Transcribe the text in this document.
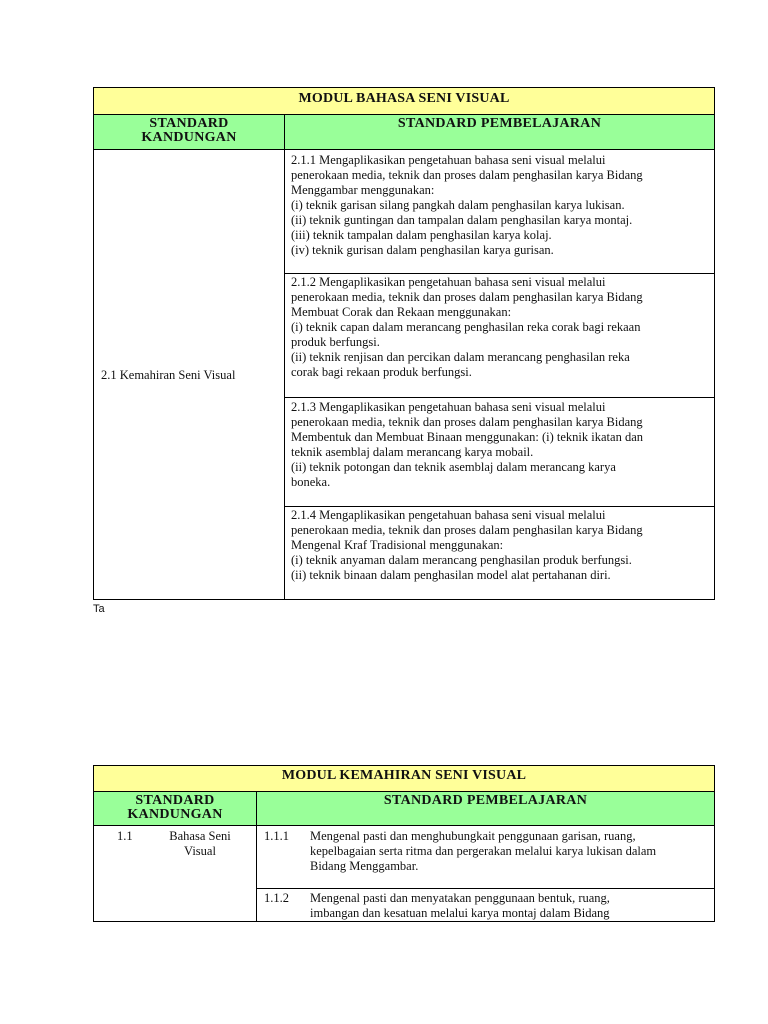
MODUL BAHASA SENI VISUAL
STANDARD
KANDUNGAN
STANDARD PEMBELAJARAN
2.1 Kemahiran Seni Visual
2.1.1 Mengaplikasikan pengetahuan bahasa seni visual melalui
penerokaan media, teknik dan proses dalam penghasilan karya Bidang
Menggambar menggunakan:
(i) teknik garisan silang pangkah dalam penghasilan karya lukisan.
(ii) teknik guntingan dan tampalan dalam penghasilan karya montaj.
(iii) teknik tampalan dalam penghasilan karya kolaj.
(iv) teknik gurisan dalam penghasilan karya gurisan.
2.1.2 Mengaplikasikan pengetahuan bahasa seni visual melalui
penerokaan media, teknik dan proses dalam penghasilan karya Bidang
Membuat Corak dan Rekaan menggunakan:
(i) teknik capan dalam merancang penghasilan reka corak bagi rekaan
produk berfungsi.
(ii) teknik renjisan dan percikan dalam merancang penghasilan reka
corak bagi rekaan produk berfungsi.
2.1.3 Mengaplikasikan pengetahuan bahasa seni visual melalui
penerokaan media, teknik dan proses dalam penghasilan karya Bidang
Membentuk dan Membuat Binaan menggunakan: (i) teknik ikatan dan
teknik asemblaj dalam merancang karya mobail.
(ii) teknik potongan dan teknik asemblaj dalam merancang karya
boneka.
2.1.4 Mengaplikasikan pengetahuan bahasa seni visual melalui
penerokaan media, teknik dan proses dalam penghasilan karya Bidang
Mengenal Kraf Tradisional menggunakan:
(i) teknik anyaman dalam merancang penghasilan produk berfungsi.
(ii) teknik binaan dalam penghasilan model alat pertahanan diri.
Ta
MODUL KEMAHIRAN SENI VISUAL
STANDARD
KANDUNGAN
STANDARD PEMBELAJARAN
1.1	Bahasa Seni
Visual
1.1.1 Mengenal pasti dan menghubungkait penggunaan garisan, ruang,
kepelbagaian serta ritma dan pergerakan melalui karya lukisan dalam
Bidang Menggambar.
1.1.2 Mengenal pasti dan menyatakan penggunaan bentuk, ruang,
imbangan dan kesatuan melalui karya montaj dalam Bidang
